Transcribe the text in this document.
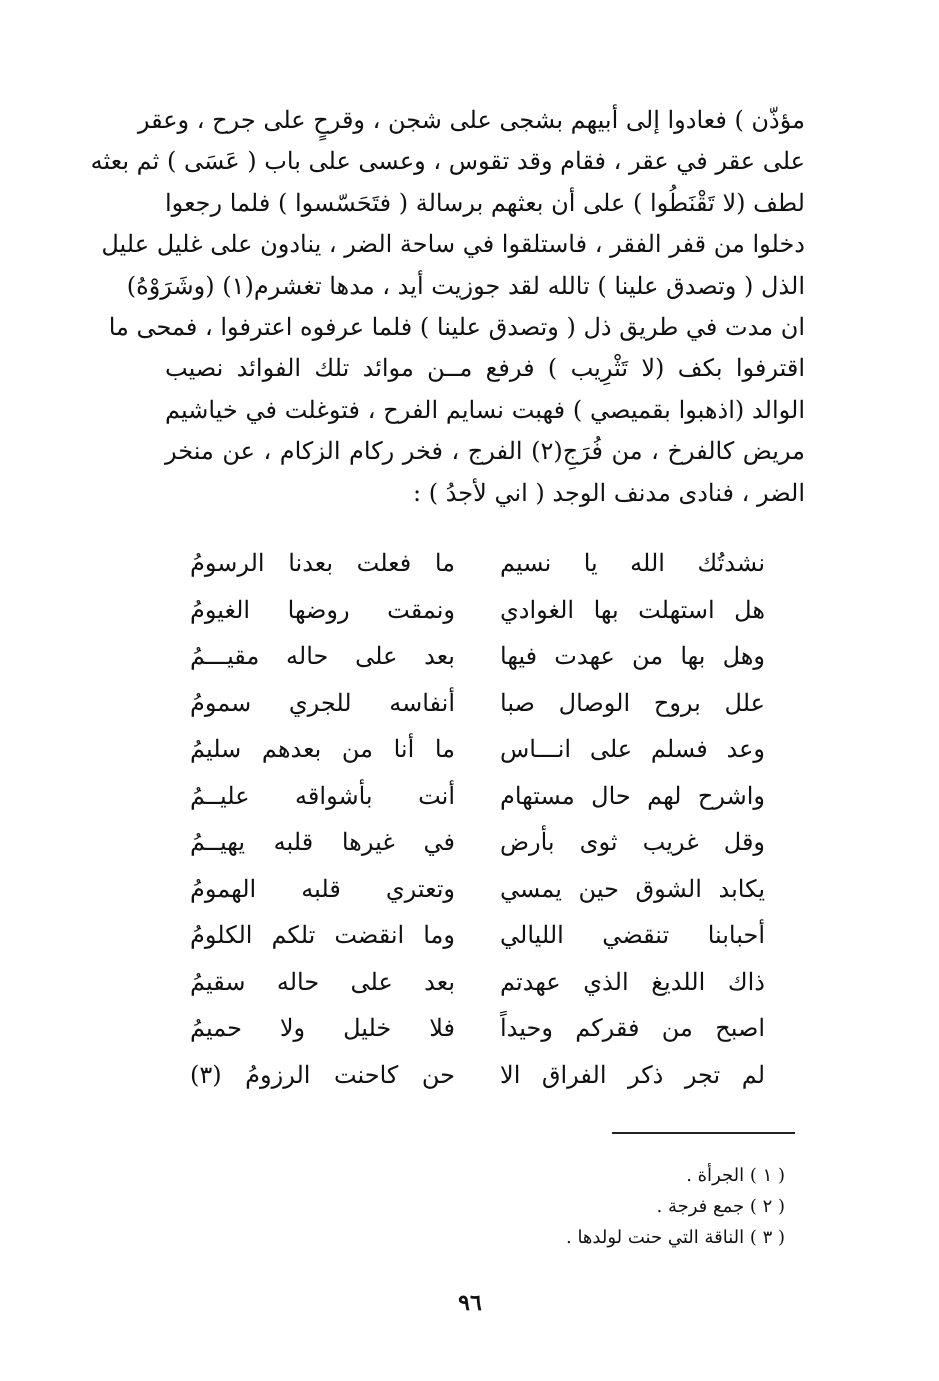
مؤذّن ) فعادوا إلى أبيهم بشجى على شجن ، وقرحٍ على جرح ، وعقر

على عقر في عقر ، فقام وقد تقوس ، وعسى على باب ( عَسَى ) ثم بعثه

لطف (لا تَقْنَطُوا ) على أن بعثهم برسالة ( فتَحَسّسوا ) فلما رجعوا

دخلوا من قفر الفقر ، فاستلقوا في ساحة الضر ، ينادون على غليل عليل

الذل ( وتصدق علينا ) تالله لقد جوزيت أيد ، مدها تغشرم(١) (وشَرَوْهُ)

ان مدت في طريق ذل ( وتصدق علينا ) فلما عرفوه اعترفوا ، فمحى ما

اقترفوا بكف (لا تَثْرِيب ) فرفع مــن موائد تلك الفوائد نصيب

الوالد (اذهبوا بقميصي ) فهبت نسايم الفرح ، فتوغلت في خياشيم

مريض كالفرخ ، من فُرَجِ(٢) الفرج ، فخر ركام الزكام ، عن منخر

الضر ، فنادى مدنف الوجد ( اني لأجدُ ) :

نشدتُك الله يا نسيم
ما فعلت بعدنا الرسومُ
هل استهلت بها الغوادي
ونمقت روضها الغيومُ
وهل بها من عهدت فيها
بعد على حاله مقيـــمُ
علل بروح الوصال صبا
أنفاسه للجري سمومُ
وعد فسلم على انـــاس
ما أنا من بعدهم سليمُ
واشرح لهم حال مستهام
أنت بأشواقه عليــمُ
وقل غريب ثوى بأرض
في غيرها قلبه يهيــمُ
يكابد الشوق حين يمسي
وتعتري قلبه الهمومُ
أحبابنا تنقضي الليالي
وما انقضت تلكم الكلومُ
ذاك اللديغ الذي عهدتم
بعد على حاله سقيمُ
اصبح من فقركم وحيداً
فلا خليل ولا حميمُ
لم تجر ذكر الفراق الا
حن كاحنت الرزومُ (٣)

( ١ ) الجرأة .

( ٢ ) جمع فرجة .

( ٣ ) الناقة التي حنت لولدها .

٩٦
